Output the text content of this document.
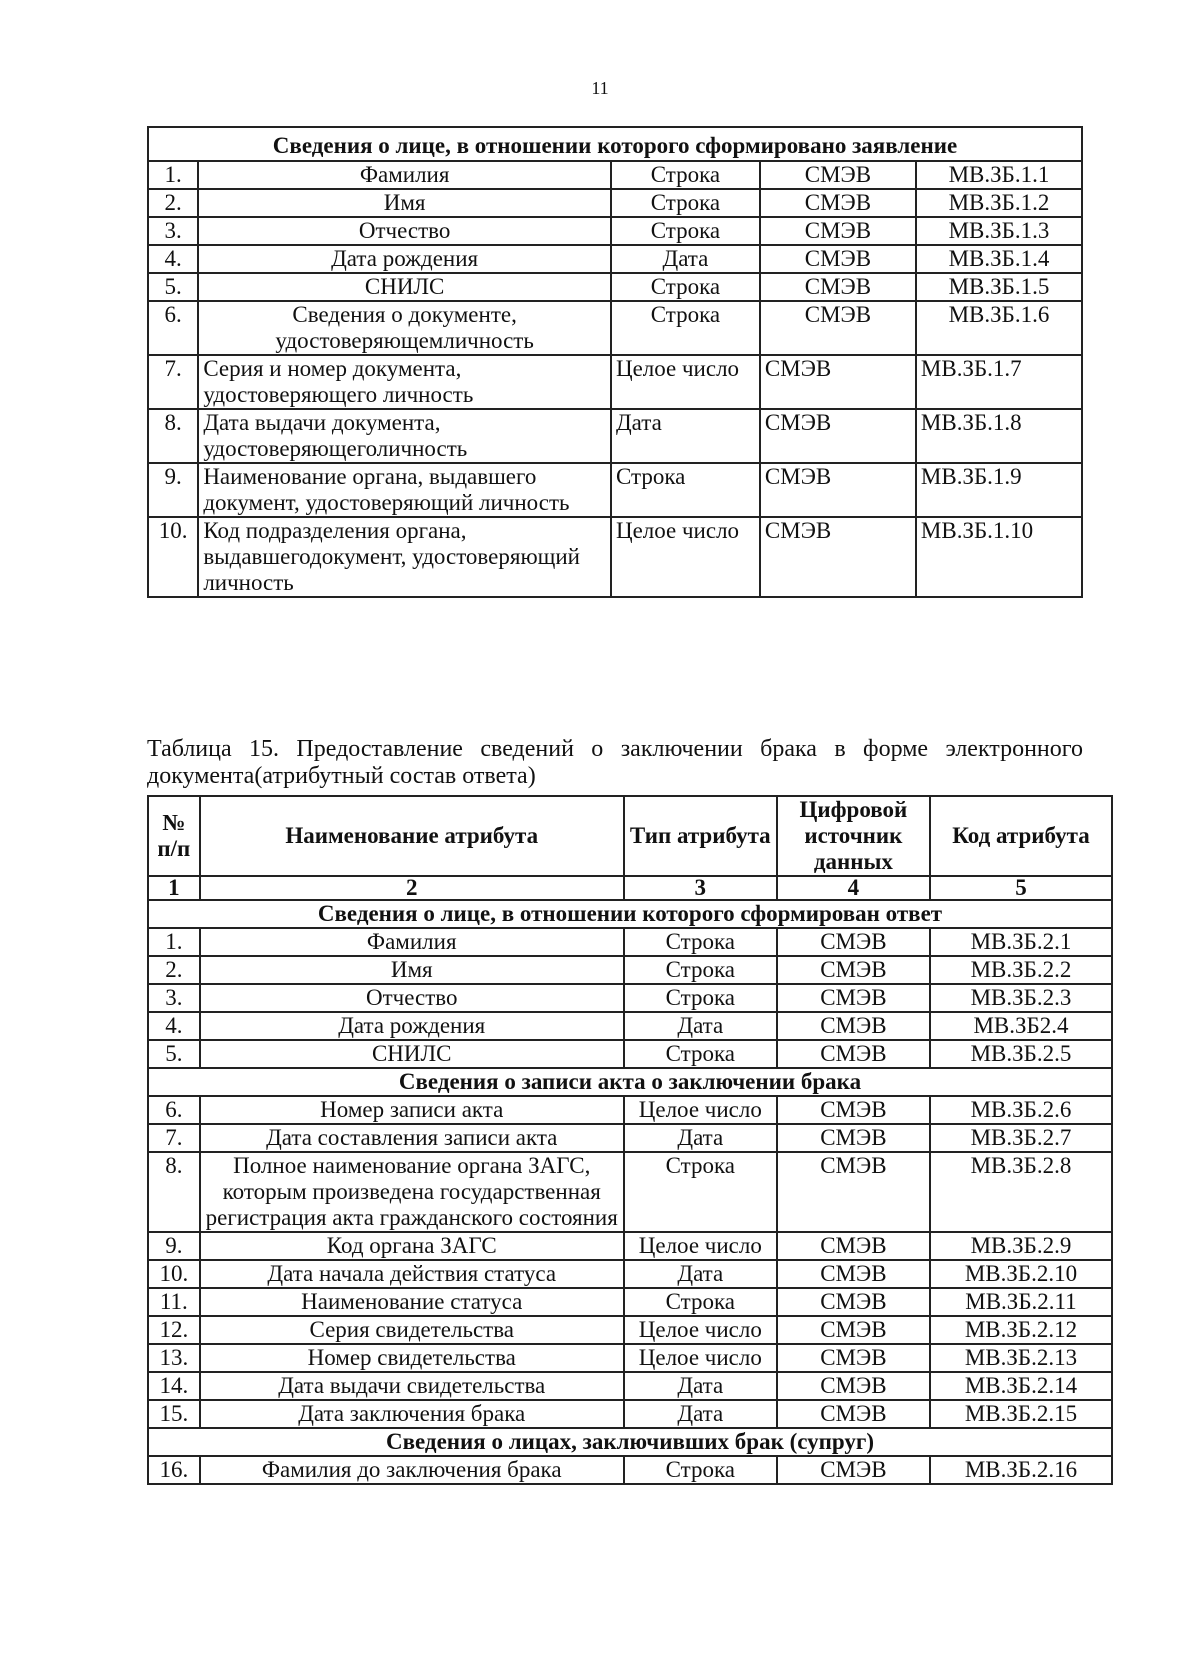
11
Сведения о лице, в отношении которого сформировано заявление				
1.	Фамилия	Строка	СМЭВ	МВ.ЗБ.1.1
2.	Имя	Строка	СМЭВ	МВ.ЗБ.1.2
3.	Отчество	Строка	СМЭВ	МВ.ЗБ.1.3
4.	Дата рождения	Дата	СМЭВ	МВ.ЗБ.1.4
5.	СНИЛС	Строка	СМЭВ	МВ.ЗБ.1.5
6.	Сведения о документе, удостоверяющемличность	Строка	СМЭВ	МВ.ЗБ.1.6
7.	Серия и номер документа, удостоверяющего личность	Целое число	СМЭВ	МВ.ЗБ.1.7
8.	Дата выдачи документа, удостоверяющеголичность	Дата	СМЭВ	МВ.ЗБ.1.8
9.	Наименование органа, выдавшего документ, удостоверяющий личность	Строка	СМЭВ	МВ.ЗБ.1.9
10.	Код подразделения органа, выдавшегодокумент, удостоверяющий личность	Целое число	СМЭВ	МВ.ЗБ.1.10
Таблица 15. Предоставление сведений о заключении брака в форме электронного документа(атрибутный состав ответа)
№ п/п	Наименование атрибута	Тип атрибута	Цифровой источник данных	Код атрибута
1	2	3	4	5
Сведения о лице, в отношении которого сформирован ответ				
1.	Фамилия	Строка	СМЭВ	МВ.ЗБ.2.1
2.	Имя	Строка	СМЭВ	МВ.ЗБ.2.2
3.	Отчество	Строка	СМЭВ	МВ.ЗБ.2.3
4.	Дата рождения	Дата	СМЭВ	МВ.ЗБ2.4
5.	СНИЛС	Строка	СМЭВ	МВ.ЗБ.2.5
Сведения о записи акта о заключении брака				
6.	Номер записи акта	Целое число	СМЭВ	МВ.ЗБ.2.6
7.	Дата составления записи акта	Дата	СМЭВ	МВ.ЗБ.2.7
8.	Полное наименование органа ЗАГС, которым произведена государственная регистрация акта гражданского состояния	Строка	СМЭВ	МВ.ЗБ.2.8
9.	Код органа ЗАГС	Целое число	СМЭВ	МВ.ЗБ.2.9
10.	Дата начала действия статуса	Дата	СМЭВ	МВ.ЗБ.2.10
11.	Наименование статуса	Строка	СМЭВ	МВ.ЗБ.2.11
12.	Серия свидетельства	Целое число	СМЭВ	МВ.ЗБ.2.12
13.	Номер свидетельства	Целое число	СМЭВ	МВ.ЗБ.2.13
14.	Дата выдачи свидетельства	Дата	СМЭВ	МВ.ЗБ.2.14
15.	Дата заключения брака	Дата	СМЭВ	МВ.ЗБ.2.15
Сведения о лицах, заключивших брак (супруг)				
16.	Фамилия до заключения брака	Строка	СМЭВ	МВ.ЗБ.2.16
